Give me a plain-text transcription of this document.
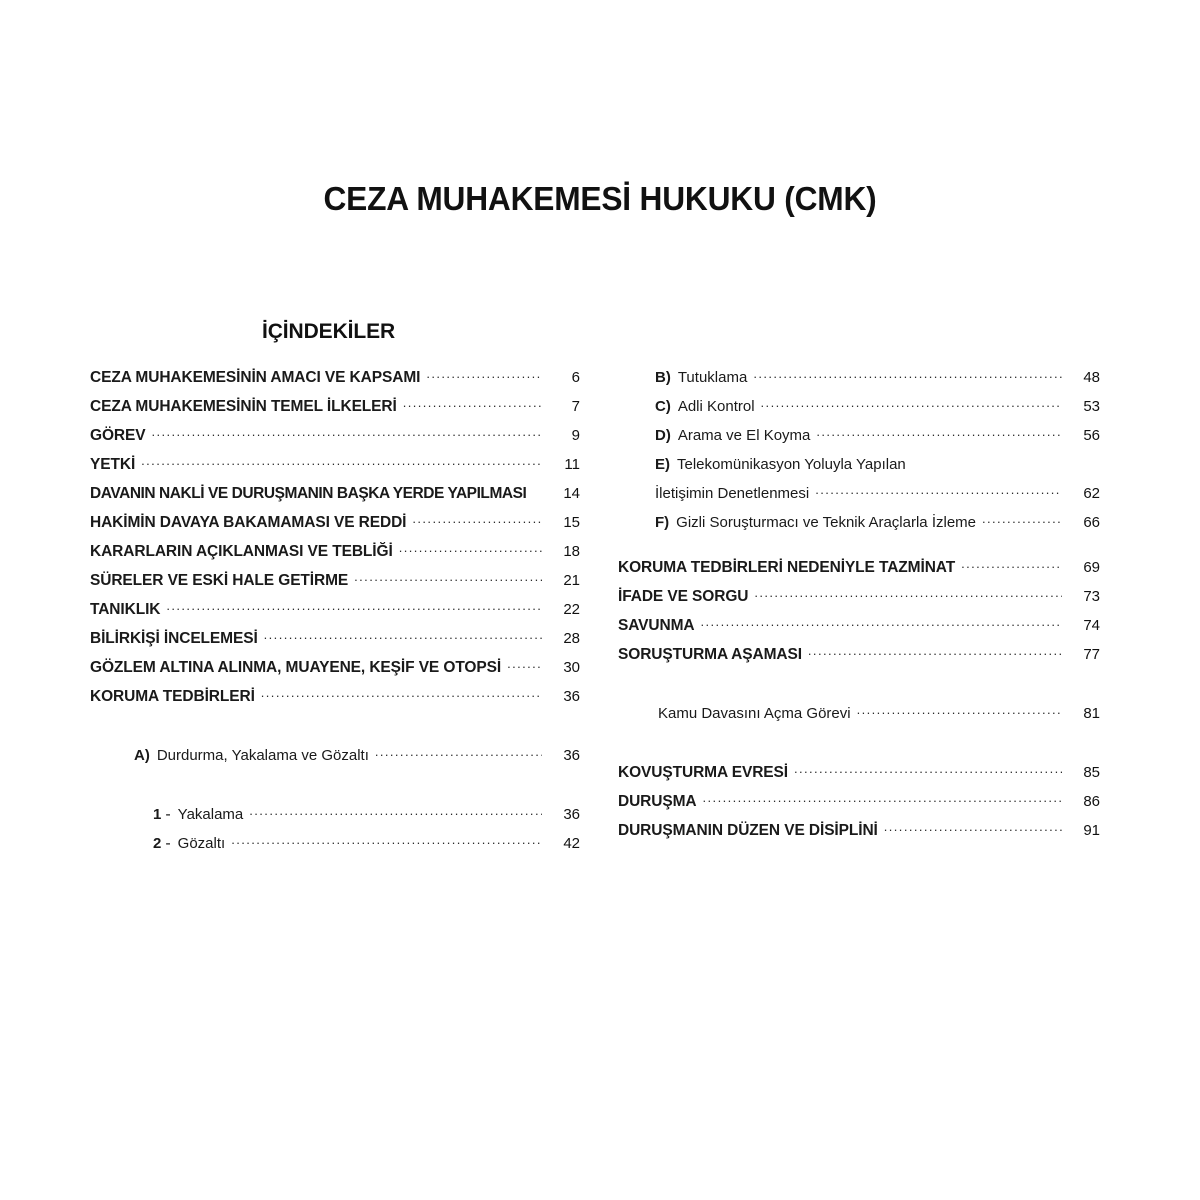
CEZA MUHAKEMESİ HUKUKU (CMK)
İÇİNDEKİLER
CEZA MUHAKEMESİNİN AMACI VE KAPSAMI .....	6
CEZA MUHAKEMESİNİN TEMEL İLKELERİ .....	7
GÖREV .....	9
YETKİ .....	11
DAVANIN NAKLİ VE DURUŞMANIN BAŞKA YERDE YAPILMASI	14
HAKİMİN DAVAYA BAKAMAMASI VE REDDİ .....	15
KARARLARIN AÇIKLANMASI VE TEBLİĞİ .....	18
SÜRELER VE ESKİ HALE GETİRME .....	21
TANIKLIK .....	22
BİLİRKİŞİ İNCELEMESİ .....	28
GÖZLEM ALTINA ALINMA, MUAYENE, KEŞİF VE OTOPSİ .....	30
KORUMA TEDBİRLERİ .....	36
A) Durdurma, Yakalama ve Gözaltı .....	36
1 - Yakalama .....	36
2 - Gözaltı .....	42
B) Tutuklama .....	48
C) Adli Kontrol .....	53
D) Arama ve El Koyma .....	56
E) Telekomünikasyon Yoluyla Yapılan
İletişimin Denetlenmesi .....	62
F) Gizli Soruşturmacı ve Teknik Araçlarla İzleme .....	66
KORUMA TEDBİRLERİ NEDENİYLE TAZMİNAT .....	69
İFADE VE SORGU .....	73
SAVUNMA .....	74
SORUŞTURMA AŞAMASI .....	77
Kamu Davasını Açma Görevi .....	81
KOVUŞTURMA EVRESİ .....	85
DURUŞMA .....	86
DURUŞMANIN DÜZEN VE DİSİPLİNİ .....	91
